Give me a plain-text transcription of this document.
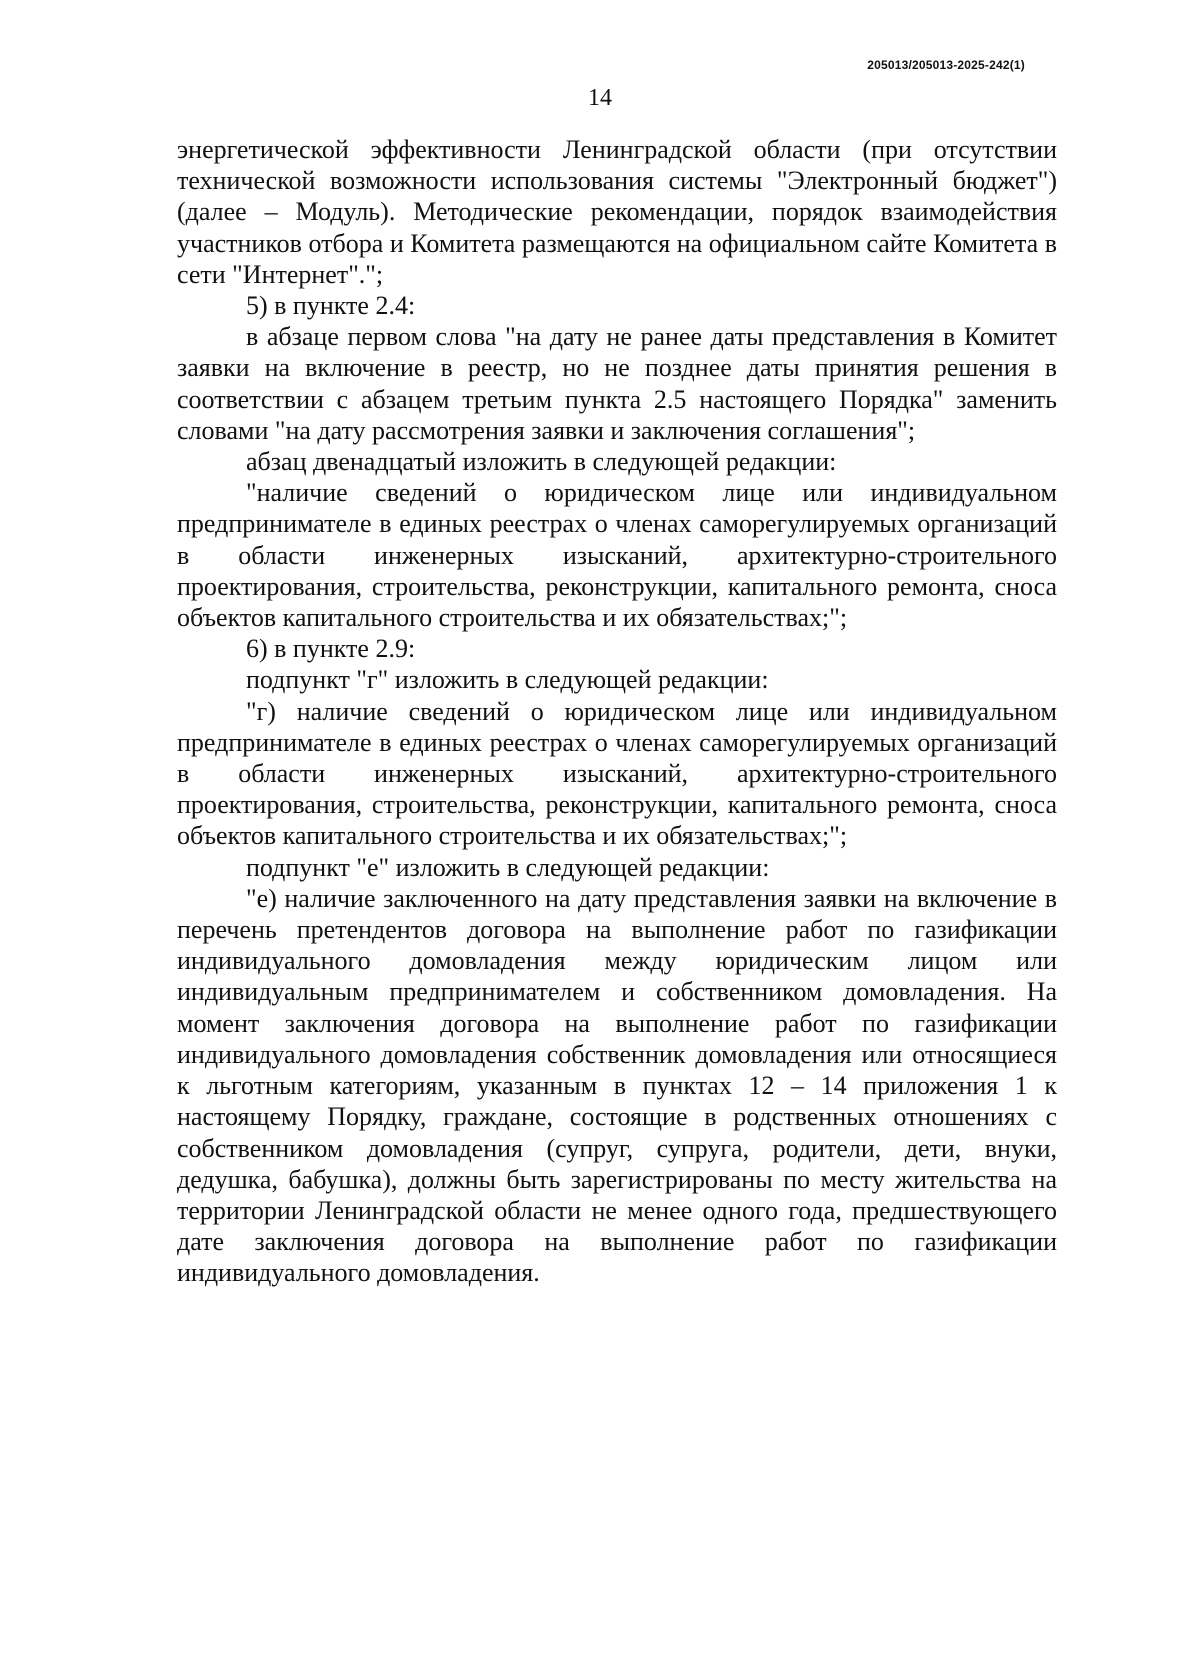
205013/205013-2025-242(1)
14

энергетической эффективности Ленинградской области (при отсутствии технической возможности использования системы "Электронный бюджет") (далее – Модуль). Методические рекомендации, порядок взаимодействия участников отбора и Комитета размещаются на официальном сайте Комитета в сети "Интернет".";

5) в пункте 2.4:

в абзаце первом слова "на дату не ранее даты представления в Комитет заявки на включение в реестр, но не позднее даты принятия решения в соответствии с абзацем третьим пункта 2.5 настоящего Порядка" заменить словами "на дату рассмотрения заявки и заключения соглашения";

абзац двенадцатый изложить в следующей редакции:

"наличие сведений о юридическом лице или индивидуальном предпринимателе в единых реестрах о членах саморегулируемых организаций в области инженерных изысканий, архитектурно-строительного проектирования, строительства, реконструкции, капитального ремонта, сноса объектов капитального строительства и их обязательствах;";

6) в пункте 2.9:

подпункт "г" изложить в следующей редакции:

"г) наличие сведений о юридическом лице или индивидуальном предпринимателе в единых реестрах о членах саморегулируемых организаций в области инженерных изысканий, архитектурно-строительного проектирования, строительства, реконструкции, капитального ремонта, сноса объектов капитального строительства и их обязательствах;";

подпункт "е" изложить в следующей редакции:

"е) наличие заключенного на дату представления заявки на включение в перечень претендентов договора на выполнение работ по газификации индивидуального домовладения между юридическим лицом или индивидуальным предпринимателем и собственником домовладения. На момент заключения договора на выполнение работ по газификации индивидуального домовладения собственник домовладения или относящиеся к льготным категориям, указанным в пунктах 12 – 14 приложения 1 к настоящему Порядку, граждане, состоящие в родственных отношениях с собственником домовладения (супруг, супруга, родители, дети, внуки, дедушка, бабушка), должны быть зарегистрированы по месту жительства на территории Ленинградской области не менее одного года, предшествующего дате заключения договора на выполнение работ по газификации индивидуального домовладения.
